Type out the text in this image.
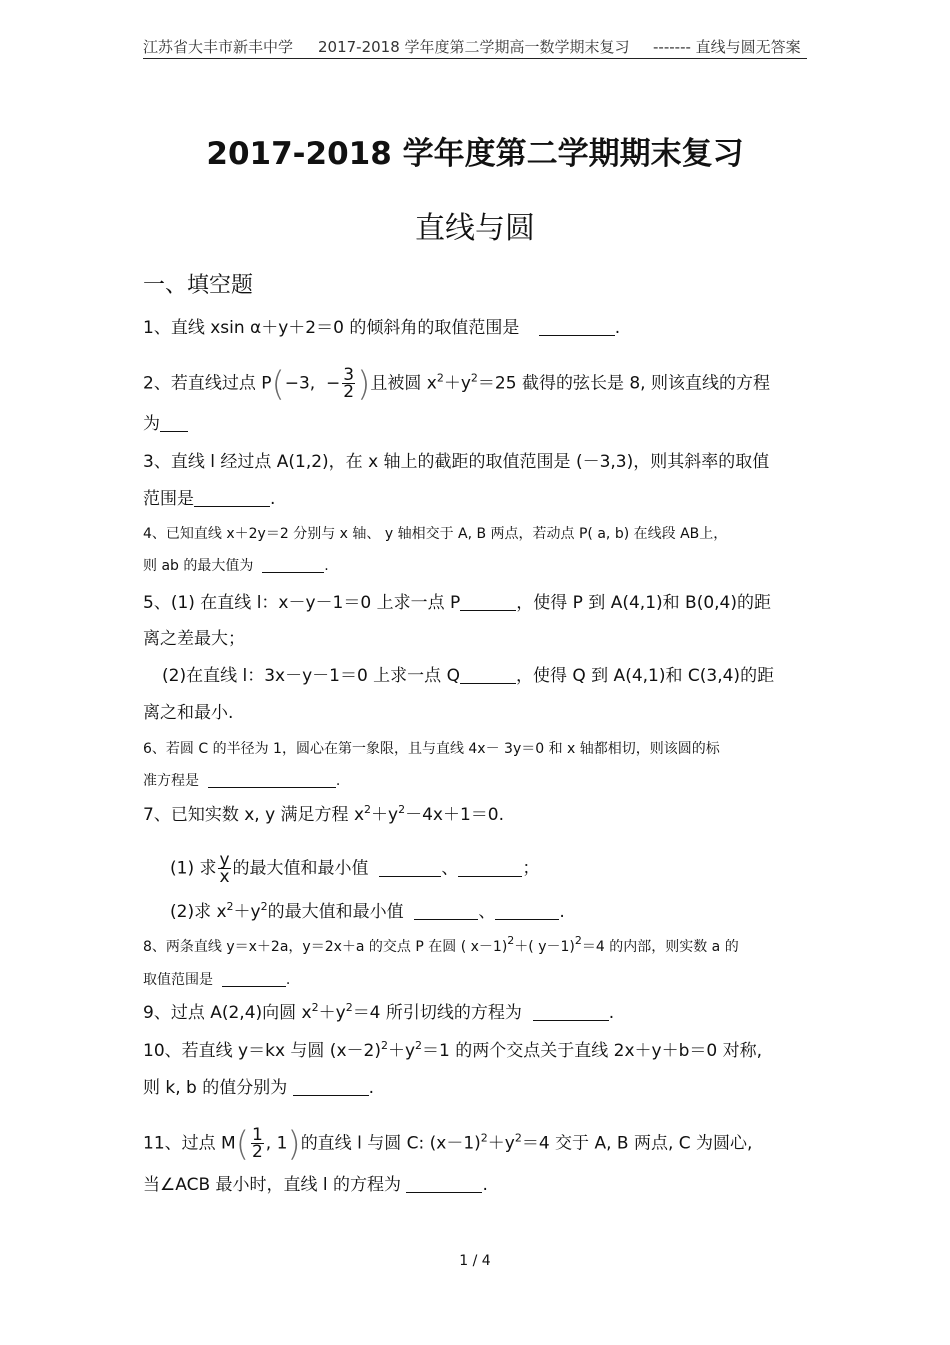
江苏省大丰市新丰中学 2017-2018 学年度第二学期高一数学期末复习 ------- 直线与圆无答案
2017-2018 学年度第二学期期末复习
直线与圆
一、填空题
1、直线 xsin α＋y＋2＝0 的倾斜角的取值范围是	.
2、若直线过点 P(−3, − $\frac{3}{2}$ )且被圆 $x^2+y^2=25$ 截得的弦长是 8, 则该直线的方程
为
3、直线 l 经过点 A(1,2)，在 x 轴上的截距的取值范围是 (－3,3)，则其斜率的取值
范围是	.
4、已知直线 x＋2y＝2 分别与 x 轴、 y 轴相交于 A, B 两点，若动点 P( a, b) 在线段 AB上，
则 ab 的最大值为	.
5、(1) 在直线 l：x－y－1＝0 上求一点 P	，使得 P 到 A(4,1)和 B(0,4)的距
离之差最大；
(2)在直线 l：3x－y－1＝0 上求一点 Q	，使得 Q 到 A(4,1)和 C(3,4)的距
离之和最小.
6、若圆 C 的半径为 1，圆心在第一象限，且与直线 4x－ 3y＝0 和 x 轴都相切，则该圆的标
准方程是	.
7、已知实数 x, y 满足方程 $x^2+y^2-4x+1=0$.
(1) 求 $\frac{y}{x}$ 的最大值和最小值	、	；
(2)求 $x^2+y^2$的最大值和最小值	、	.
8、两条直线 y＝x＋2a，y＝2x＋a 的交点 P 在圆 ( x－1)$^2$＋( y－1)$^2$＝4 的内部，则实数 a 的
取值范围是	.
9、过点 A(2,4)向圆 $x^2+y^2=4$ 所引切线的方程为	.
10、若直线 y＝kx 与圆 $(x-2)^2+y^2=1$ 的两个交点关于直线 2x＋y＋b＝0 对称,
则 k, b 的值分别为	.
11、过点 $M( \frac{1}{2}$ , 1)的直线 l 与圆 C: $(x-1)^2+y^2=4$ 交于 A, B 两点, C 为圆心,
当∠ACB 最小时，直线 l 的方程为	.
1 / 4
